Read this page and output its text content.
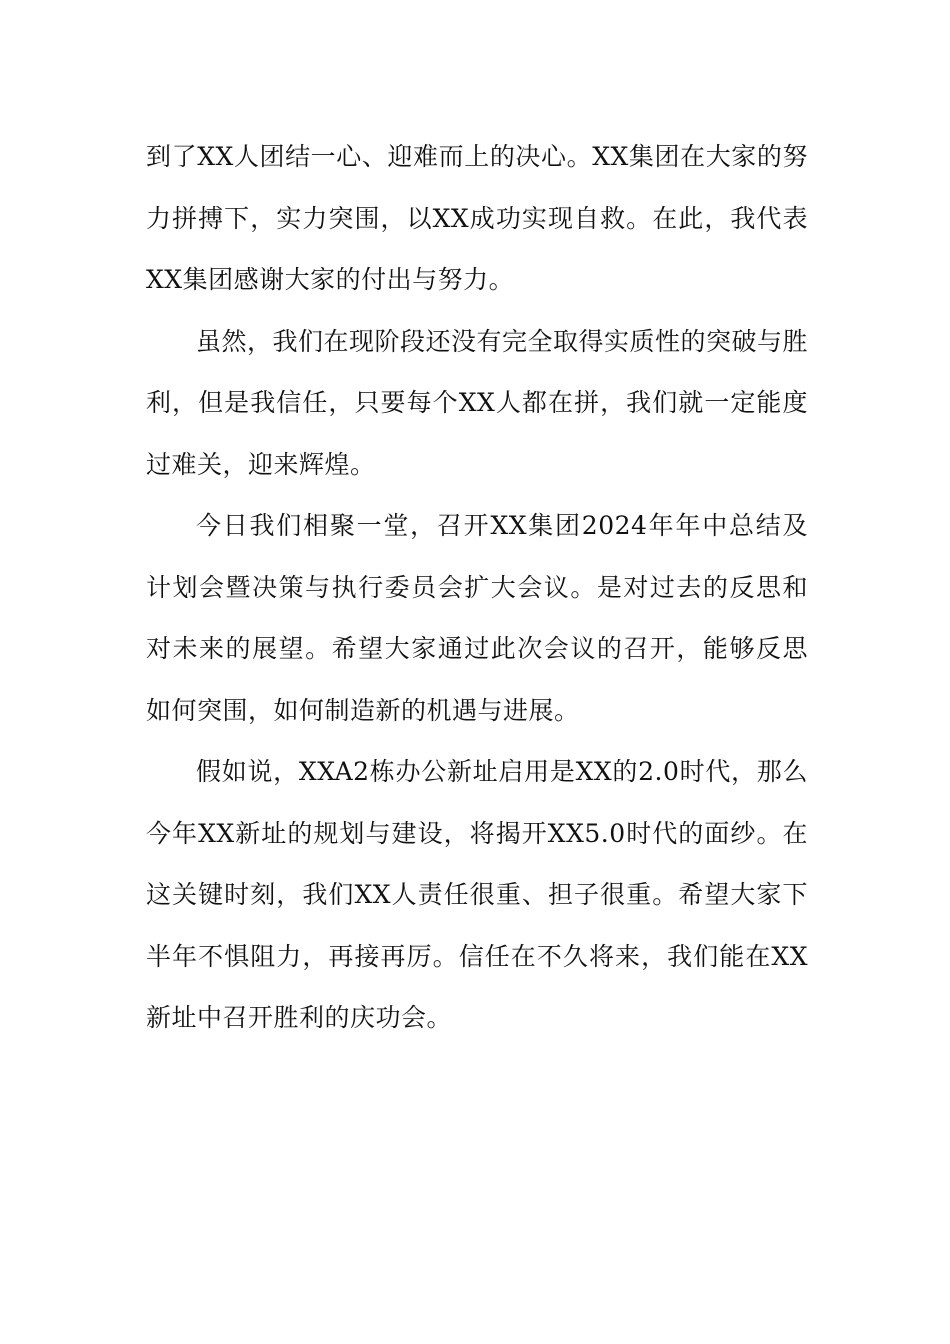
到了XX人团结一心、迎难而上的决心。XX集团在大家的努力拼搏下，实力突围，以XX成功实现自救。在此，我代表XX集团感谢大家的付出与努力。

虽然，我们在现阶段还没有完全取得实质性的突破与胜利，但是我信任，只要每个XX人都在拼，我们就一定能度过难关，迎来辉煌。

今日我们相聚一堂，召开XX集团2024年年中总结及计划会暨决策与执行委员会扩大会议。是对过去的反思和对未来的展望。希望大家通过此次会议的召开，能够反思如何突围，如何制造新的机遇与进展。

假如说，XXA2栋办公新址启用是XX的2.0时代，那么今年XX新址的规划与建设，将揭开XX5.0时代的面纱。在这关键时刻，我们XX人责任很重、担子很重。希望大家下半年不惧阻力，再接再厉。信任在不久将来，我们能在XX新址中召开胜利的庆功会。
